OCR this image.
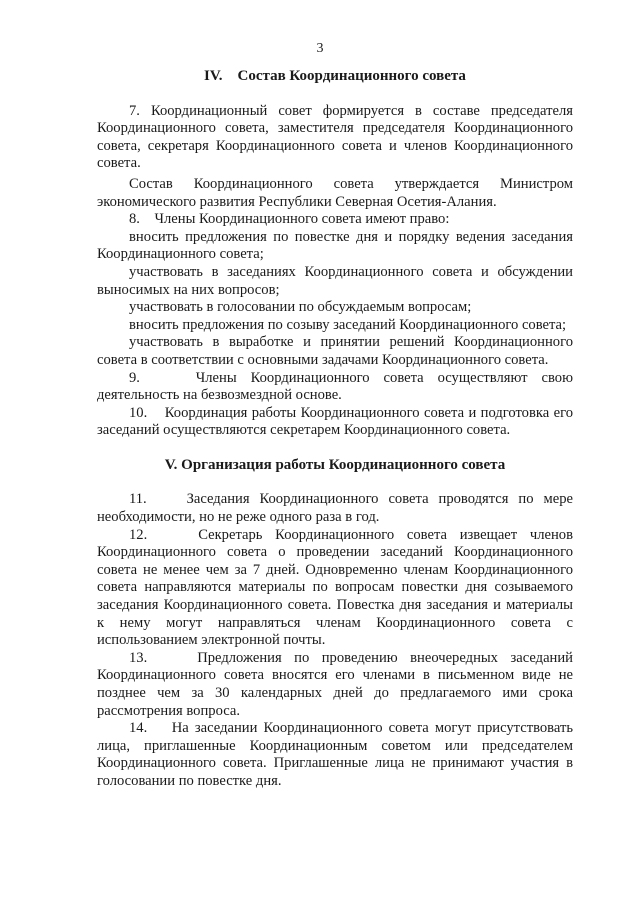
3
IV.    Состав Координационного совета

7. Координационный совет формируется в составе председателя Координационного совета, заместителя председателя Координационного совета, секретаря Координационного совета и членов Координационного совета.

Состав Координационного совета утверждается Министром экономического развития Республики Северная Осетия-Алания.

8.    Члены Координационного совета имеют право:

вносить предложения по повестке дня и порядку ведения заседания Координационного совета;

участвовать в заседаниях Координационного совета и обсуждении выносимых на них вопросов;

участвовать в голосовании по обсуждаемым вопросам;

вносить предложения по созыву заседаний Координационного совета;

участвовать в выработке и принятии решений Координационного совета в соответствии с основными задачами Координационного совета.

9.    Члены Координационного совета осуществляют свою деятельность на безвозмездной основе.

10.    Координация работы Координационного совета и подготовка его заседаний осуществляются секретарем Координационного совета.

V. Организация работы Координационного совета

11.    Заседания Координационного совета проводятся по мере необходимости, но не реже одного раза в год.

12.    Секретарь Координационного совета извещает членов Координационного совета о проведении заседаний Координационного совета не менее чем за 7 дней. Одновременно членам Координационного совета направляются материалы по вопросам повестки дня созываемого заседания Координационного совета. Повестка дня заседания и материалы к нему могут направляться членам Координационного совета с использованием электронной почты.

13.    Предложения по проведению внеочередных заседаний Координационного совета вносятся его членами в письменном виде не позднее чем за 30 календарных дней до предлагаемого ими срока рассмотрения вопроса.

14.    На заседании Координационного совета могут присутствовать лица, приглашенные Координационным советом или председателем Координационного совета. Приглашенные лица не принимают участия в голосовании по повестке дня.
